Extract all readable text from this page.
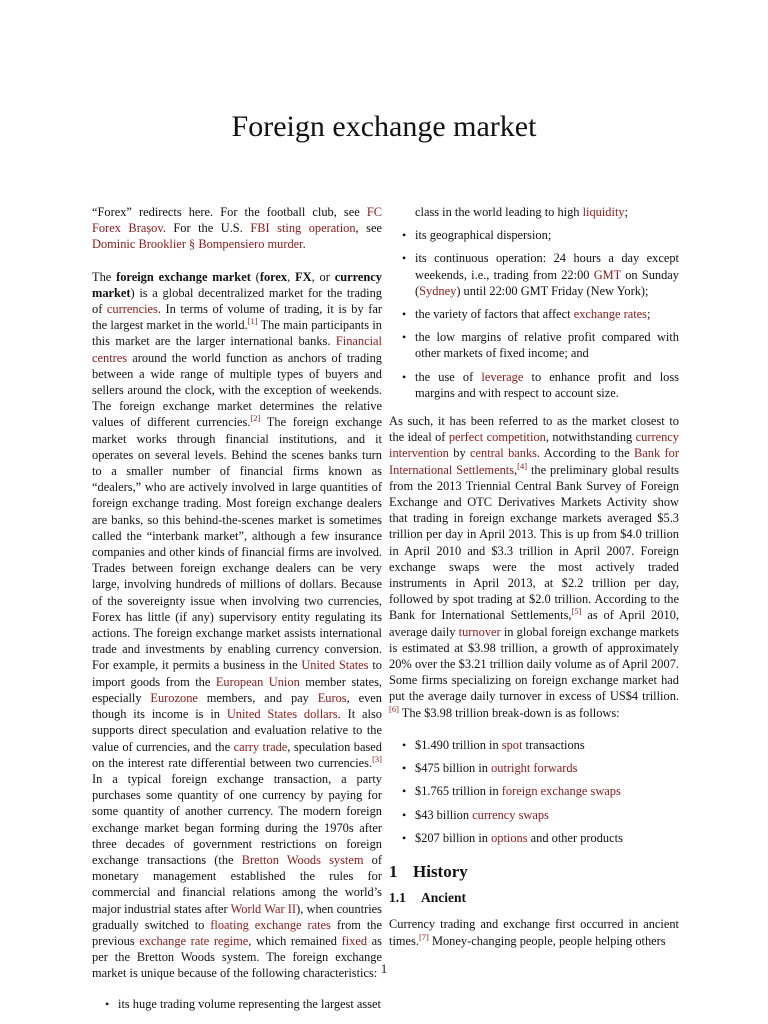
Foreign exchange market

“Forex” redirects here. For the football club, see FC Forex Brașov. For the U.S. FBI sting operation, see Dominic Brooklier § Bompensiero murder.

The foreign exchange market (forex, FX, or currency market) is a global decentralized market for the trading of currencies. In terms of volume of trading, it is by far the largest market in the world.[1] The main participants in this market are the larger international banks. Financial centres around the world function as anchors of trading between a wide range of multiple types of buyers and sellers around the clock, with the exception of weekends. The foreign exchange market determines the relative values of different currencies.[2] The foreign exchange market works through financial institutions, and it operates on several levels. Behind the scenes banks turn to a smaller number of financial firms known as “dealers,” who are actively involved in large quantities of foreign exchange trading. Most foreign exchange dealers are banks, so this behind-the-scenes market is sometimes called the “interbank market”, although a few insurance companies and other kinds of financial firms are involved. Trades between foreign exchange dealers can be very large, involving hundreds of millions of dollars. Because of the sovereignty issue when involving two currencies, Forex has little (if any) supervisory entity regulating its actions. The foreign exchange market assists international trade and investments by enabling currency conversion. For example, it permits a business in the United States to import goods from the European Union member states, especially Eurozone members, and pay Euros, even though its income is in United States dollars. It also supports direct speculation and evaluation relative to the value of currencies, and the carry trade, speculation based on the interest rate differential between two currencies.[3] In a typical foreign exchange transaction, a party purchases some quantity of one currency by paying for some quantity of another currency. The modern foreign exchange market began forming during the 1970s after three decades of government restrictions on foreign exchange transactions (the Bretton Woods system of monetary management established the rules for commercial and financial relations among the world’s major industrial states after World War II), when countries gradually switched to floating exchange rates from the previous exchange rate regime, which remained fixed as per the Bretton Woods system. The foreign exchange market is unique because of the following characteristics:

• its huge trading volume representing the largest asset
class in the world leading to high liquidity;
• its geographical dispersion;
• its continuous operation: 24 hours a day except weekends, i.e., trading from 22:00 GMT on Sunday (Sydney) until 22:00 GMT Friday (New York);
• the variety of factors that affect exchange rates;
• the low margins of relative profit compared with other markets of fixed income; and
• the use of leverage to enhance profit and loss margins and with respect to account size.

As such, it has been referred to as the market closest to the ideal of perfect competition, notwithstanding currency intervention by central banks. According to the Bank for International Settlements,[4] the preliminary global results from the 2013 Triennial Central Bank Survey of Foreign Exchange and OTC Derivatives Markets Activity show that trading in foreign exchange markets averaged $5.3 trillion per day in April 2013. This is up from $4.0 trillion in April 2010 and $3.3 trillion in April 2007. Foreign exchange swaps were the most actively traded instruments in April 2013, at $2.2 trillion per day, followed by spot trading at $2.0 trillion. According to the Bank for International Settlements,[5] as of April 2010, average daily turnover in global foreign exchange markets is estimated at $3.98 trillion, a growth of approximately 20% over the $3.21 trillion daily volume as of April 2007. Some firms specializing on foreign exchange market had put the average daily turnover in excess of US$4 trillion.[6] The $3.98 trillion break-down is as follows:

• $1.490 trillion in spot transactions
• $475 billion in outright forwards
• $1.765 trillion in foreign exchange swaps
• $43 billion currency swaps
• $207 billion in options and other products
1 History
1.1 Ancient

Currency trading and exchange first occurred in ancient times.[7] Money-changing people, people helping others

1
